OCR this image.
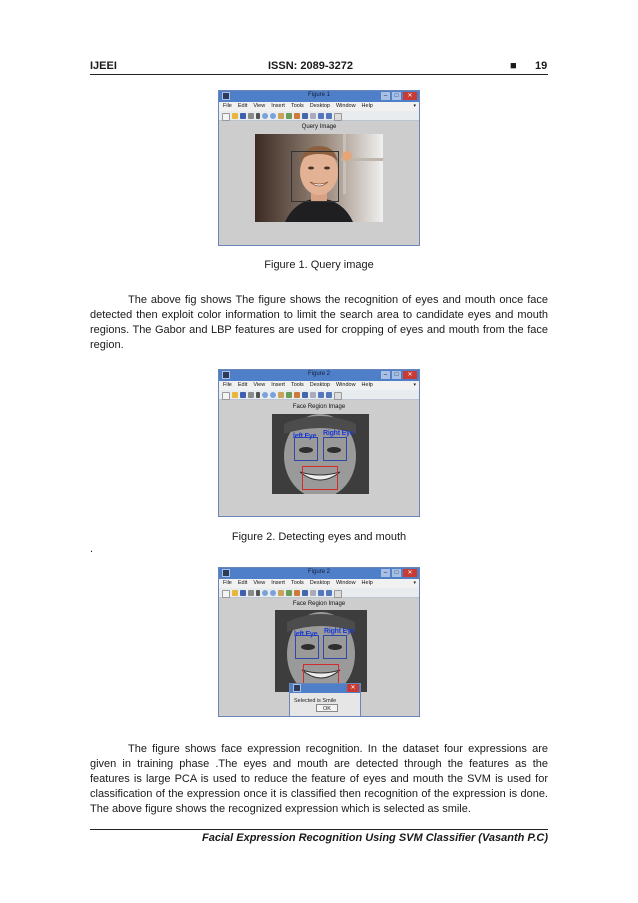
IJEEI	ISSN: 2089-3272	■ 19
Figure 1	–	□	✕
File Edit View Insert Tools Desktop Window Help	▾
Query Image
Figure 1. Query image

The above fig shows The figure shows the recognition of eyes and mouth once face detected then exploit color information to limit the search area to candidate eyes and mouth regions. The Gabor and LBP features are used for cropping of eyes and mouth from the face region.

Figure 2	–	□	✕
File Edit View Insert Tools Desktop Window Help	▾
Face Region Image
left Eye Right Eye
Figure 2. Detecting eyes and mouth
.
Figure 2	–	□	✕
File Edit View Insert Tools Desktop Window Help	▾
Face Region Image
left Eye Right Eye
✕
Selected is Smile
OK

The figure shows face expression recognition. In the dataset four expressions are given in training phase .The eyes and mouth are detected through the features as the features is large PCA is used to reduce the feature of eyes and mouth the SVM is used for classification of the expression once it is classified then recognition of the expression is done. The above figure shows the recognized expression which is selected as smile.

Facial Expression Recognition Using SVM Classifier (Vasanth P.C)
